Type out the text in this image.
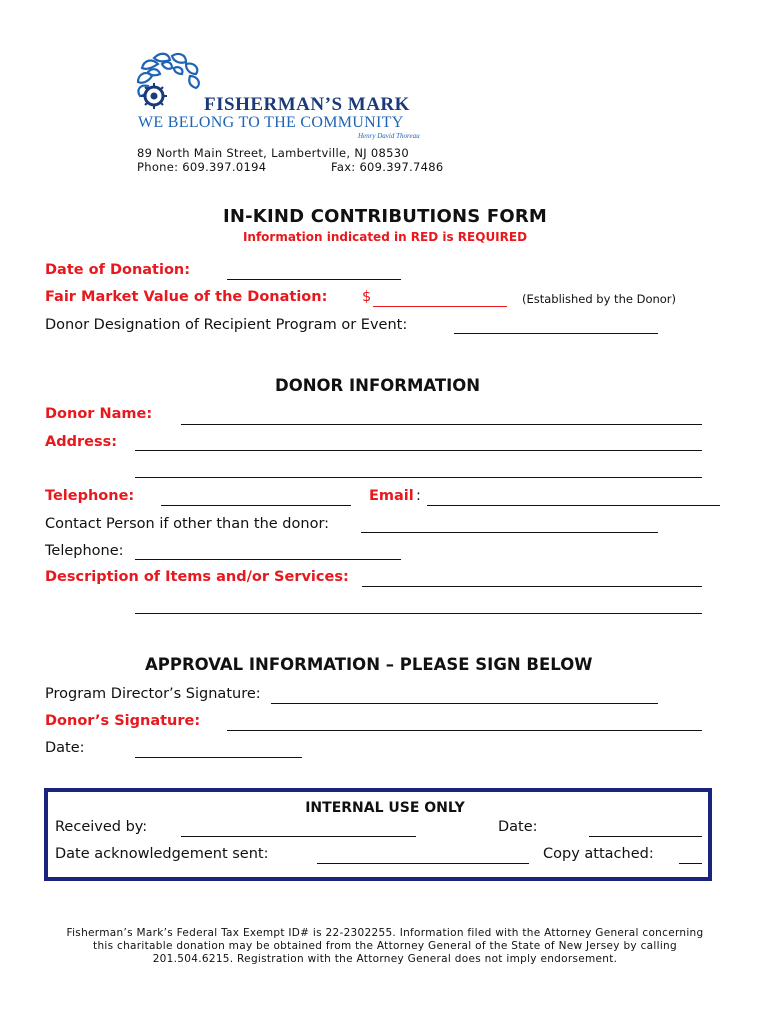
FISHERMAN’S MARK
WE BELONG TO THE COMMUNITY
Henry David Thoreau
89 North Main Street, Lambertville, NJ 08530
Phone: 609.397.0194	Fax: 609.397.7486
IN-KIND CONTRIBUTIONS FORM
Information indicated in RED is REQUIRED
Date of Donation:
Fair Market Value of the Donation: $	(Established by the Donor)
Donor Designation of Recipient Program or Event:
DONOR INFORMATION
Donor Name:
Address:
Telephone:	Email :
Contact Person if other than the donor:
Telephone:
Description of Items and/or Services:
APPROVAL INFORMATION – PLEASE SIGN BELOW
Program Director’s Signature:
Donor’s Signature:
Date:
INTERNAL USE ONLY
Received by:	Date:
Date acknowledgement sent:	Copy attached:
Fisherman’s Mark’s Federal Tax Exempt ID# is 22-2302255. Information filed with the Attorney General concerning
this charitable donation may be obtained from the Attorney General of the State of New Jersey by calling
201.504.6215. Registration with the Attorney General does not imply endorsement.
